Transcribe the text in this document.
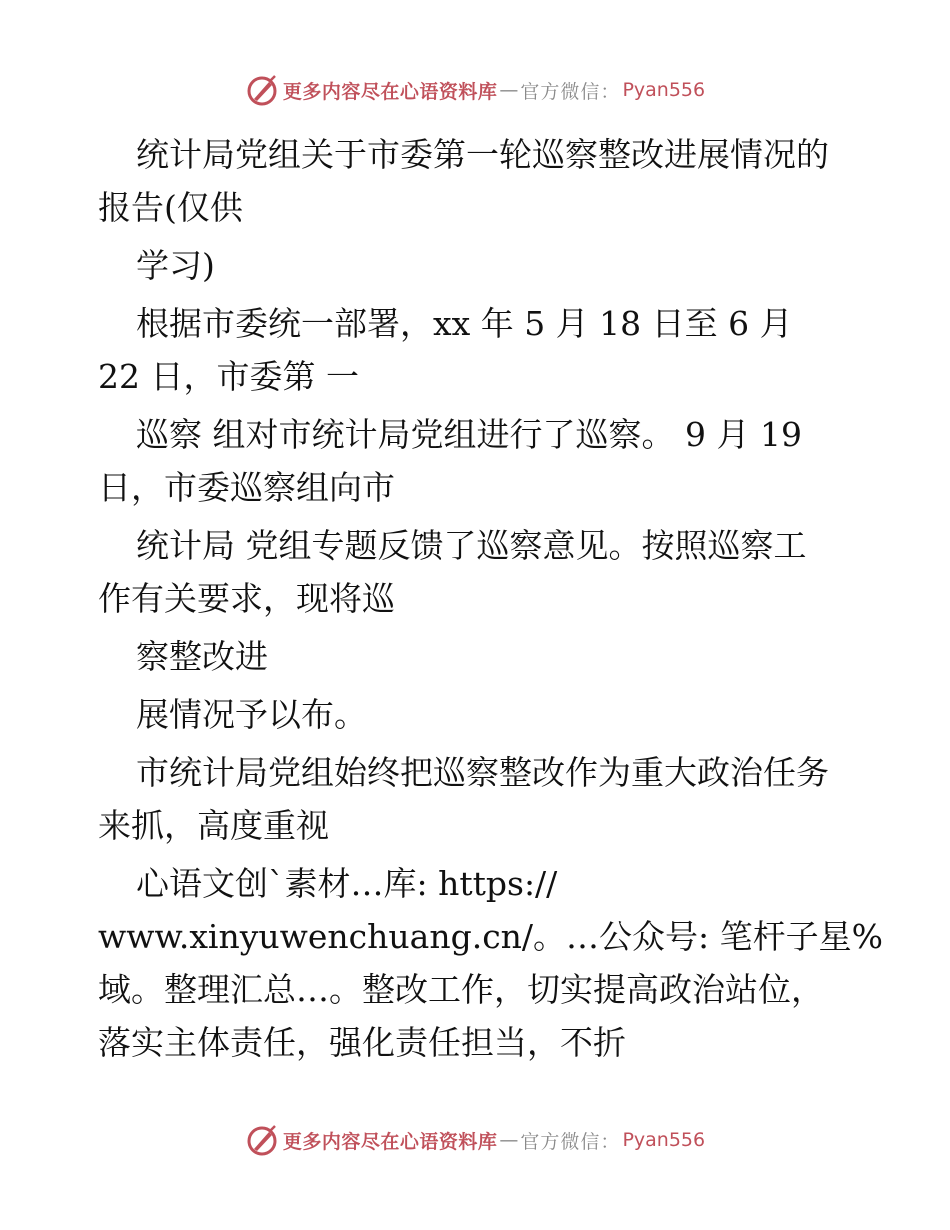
更多内容尽在心语资料库 — 官方微信： Pyan556
统计局党组关于市委第一轮巡察整改进展情况的
报告(仅供
学习)
根据市委统一部署，xx 年 5 月 18 日至 6 月
22 日，市委第 一
巡察 组对市统计局党组进行了巡察。 9 月 19
日，市委巡察组向市
统计局 党组专题反馈了巡察意见。按照巡察工
作有关要求，现将巡
察整改进
展情况予以布。
市统计局党组始终把巡察整改作为重大政治任务
来抓，高度重视
心语文创`素材…库: https://
www.xinyuwenchuang.cn/。…公众号: 笔杆子星%
域。整理汇总…。整改工作，切实提高政治站位，
落实主体责任，强化责任担当，不折
更多内容尽在心语资料库 — 官方微信： Pyan556
